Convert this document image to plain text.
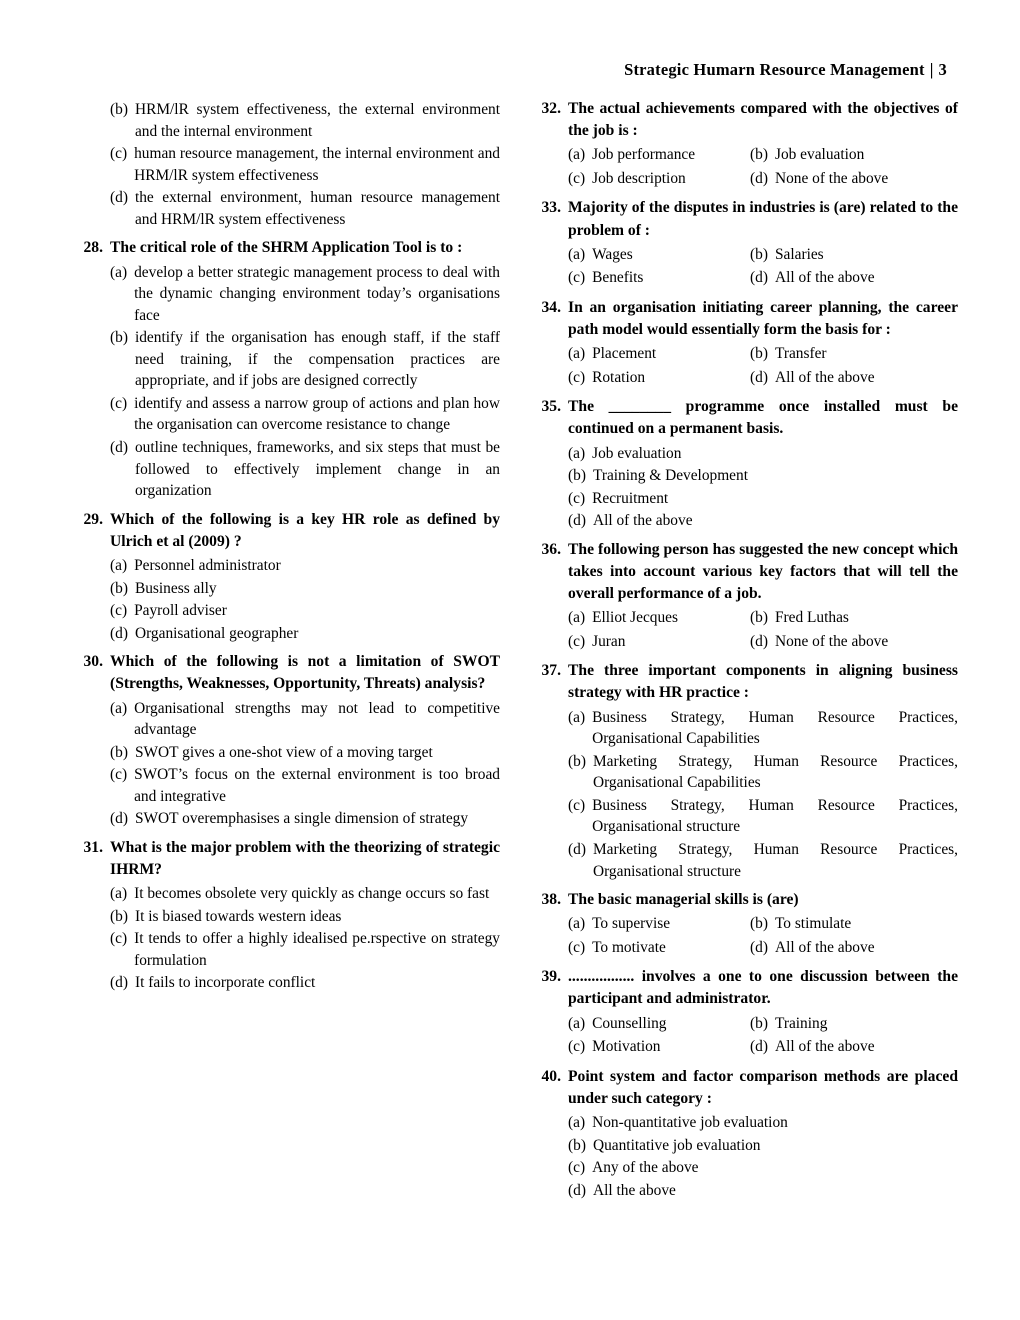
Strategic Humarn Resource Management | 3
(b) HRM/lR system effectiveness, the external environment and the internal environment
(c) human resource management, the internal environment and HRM/lR system effectiveness
(d) the external environment, human resource management and HRM/lR system effectiveness
28. The critical role of the SHRM Application Tool is to :
(a) develop a better strategic management process to deal with the dynamic changing environment today’s organisations face
(b) identify if the organisation has enough staff, if the staff need training, if the compensation practices are appropriate, and if jobs are designed correctly
(c) identify and assess a narrow group of actions and plan how the organisation can overcome resistance to change
(d) outline techniques, frameworks, and six steps that must be followed to effectively implement change in an organization
29. Which of the following is a key HR role as defined by Ulrich et al (2009) ?
(a) Personnel administrator
(b) Business ally
(c) Payroll adviser
(d) Organisational geographer
30. Which of the following is not a limitation of SWOT (Strengths, Weaknesses, Opportunity, Threats) analysis?
(a) Organisational strengths may not lead to competitive advantage
(b) SWOT gives a one-shot view of a moving target
(c) SWOT’s focus on the external environment is too broad and integrative
(d) SWOT overemphasises a single dimension of strategy
31. What is the major problem with the theorizing of strategic IHRM?
(a) It becomes obsolete very quickly as change occurs so fast
(b) It is biased towards western ideas
(c) It tends to offer a highly idealised pe.rspective on strategy formulation
(d) It fails to incorporate conflict
32. The actual achievements compared with the objectives of the job is :
(a) Job performance	(b) Job evaluation
(c) Job description	(d) None of the above
33. Majority of the disputes in industries is (are) related to the problem of :
(a) Wages	(b) Salaries
(c) Benefits	(d) All of the above
34. In an organisation initiating career planning, the career path model would essentially form the basis for :
(a) Placement	(b) Transfer
(c) Rotation	(d) All of the above
35. The ________ programme once installed must be continued on a permanent basis.
(a) Job evaluation
(b) Training & Development
(c) Recruitment
(d) All of the above
36. The following person has suggested the new concept which takes into account various key factors that will tell the overall performance of a job.
(a) Elliot Jecques	(b) Fred Luthas
(c) Juran	(d) None of the above
37. The three important components in aligning business strategy with HR practice :
(a) Business Strategy, Human Resource Practices, Organisational Capabilities
(b) Marketing Strategy, Human Resource Practices, Organisational Capabilities
(c) Business Strategy, Human Resource Practices, Organisational structure
(d) Marketing Strategy, Human Resource Practices, Organisational structure
38. The basic managerial skills is (are)
(a) To supervise	(b) To stimulate
(c) To motivate	(d) All of the above
39. ................. involves a one to one discussion between the participant and administrator.
(a) Counselling	(b) Training
(c) Motivation	(d) All of the above
40. Point system and factor comparison methods are placed under such category :
(a) Non-quantitative job evaluation
(b) Quantitative job evaluation
(c) Any of the above
(d) All the above
